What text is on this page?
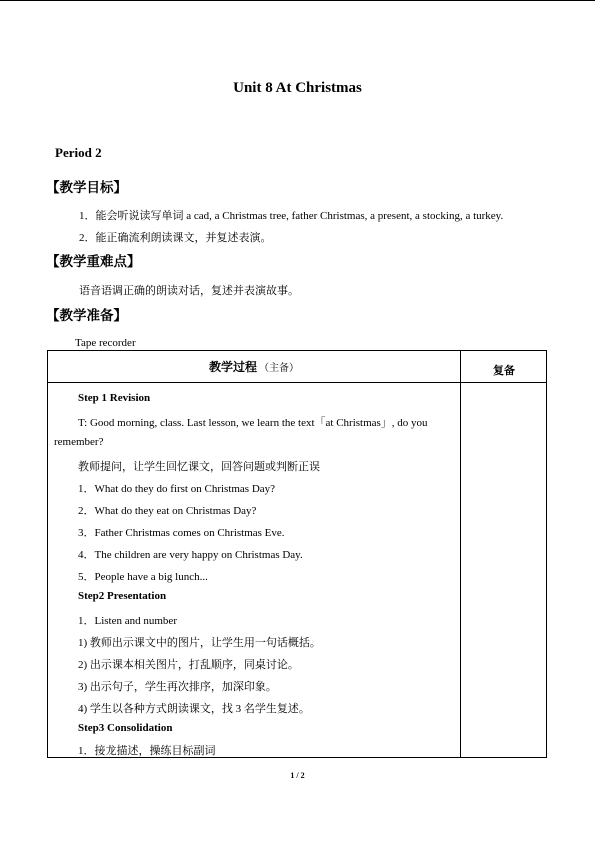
Unit 8 At Christmas
Period 2
【教学目标】
1．能会听说读写单词 a cad, a Christmas tree, father Christmas, a present, a stocking, a turkey.
2．能正确流利朗读课文，并复述表演。
【教学重难点】
语音语调正确的朗读对话，复述并表演故事。
【教学准备】
Tape recorder
教学过程 （主备）	复备
Step 1 Revision
T: Good morning, class. Last lesson, we learn the text「at Christmas」, do you
remember?
教师提问，让学生回忆课文，回答问题或判断正误
1．What do they do first on Christmas Day?
2．What do they eat on Christmas Day?
3．Father Christmas comes on Christmas Eve.
4．The children are very happy on Christmas Day.
5．People have a big lunch...
Step2 Presentation
1．Listen and number
1) 教师出示课文中的图片，让学生用一句话概括。
2) 出示课本相关图片，打乱顺序，同桌讨论。
3) 出示句子，学生再次排序，加深印象。
4) 学生以各种方式朗读课文，找 3 名学生复述。
Step3 Consolidation
1．接龙描述，操练目标副词
1 / 2
